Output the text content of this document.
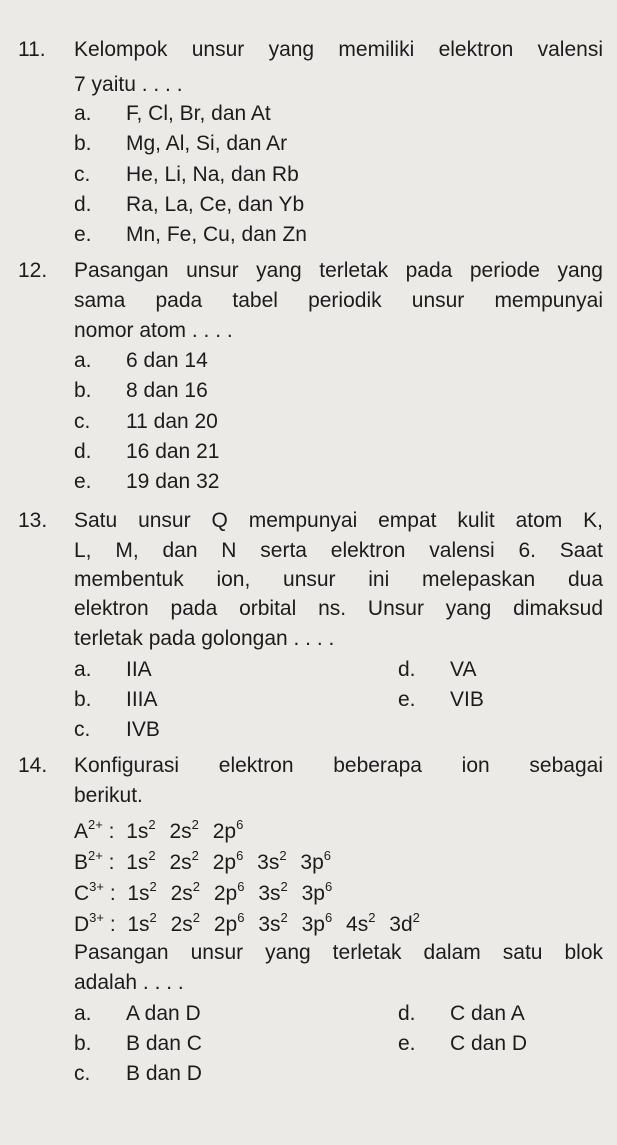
11. Kelompok unsur yang memiliki elektron valensi
7 yaitu . . . .
a. F, Cl, Br, dan At
b. Mg, Al, Si, dan Ar
c. He, Li, Na, dan Rb
d. Ra, La, Ce, dan Yb
e. Mn, Fe, Cu, dan Zn
12. Pasangan unsur yang terletak pada periode yang
sama pada tabel periodik unsur mempunyai
nomor atom . . . .
a. 6 dan 14
b. 8 dan 16
c. 11 dan 20
d. 16 dan 21
e. 19 dan 32
13. Satu unsur Q mempunyai empat kulit atom K,
L, M, dan N serta elektron valensi 6. Saat
membentuk ion, unsur ini melepaskan dua
elektron pada orbital ns. Unsur yang dimaksud
terletak pada golongan . . . .
a. IIA
b. IIIA
c. IVB
d. VA
e. VIB
14. Konfigurasi elektron beberapa ion sebagai
berikut.
$A^{2+}$ :  $1s^2$ $2s^2$ $2p^6$
$B^{2+}$ :  $1s^2$ $2s^2$ $2p^6$ $3s^2$ $3p^6$
$C^{3+}$ :  $1s^2$ $2s^2$ $2p^6$ $3s^2$ $3p^6$
$D^{3+}$ :  $1s^2$ $2s^2$ $2p^6$ $3s^2$ $3p^6$ $4s^2$ $3d^2$
Pasangan unsur yang terletak dalam satu blok
adalah . . . .
a. A dan D
b. B dan C
c. B dan D
d. C dan A
e. C dan D
